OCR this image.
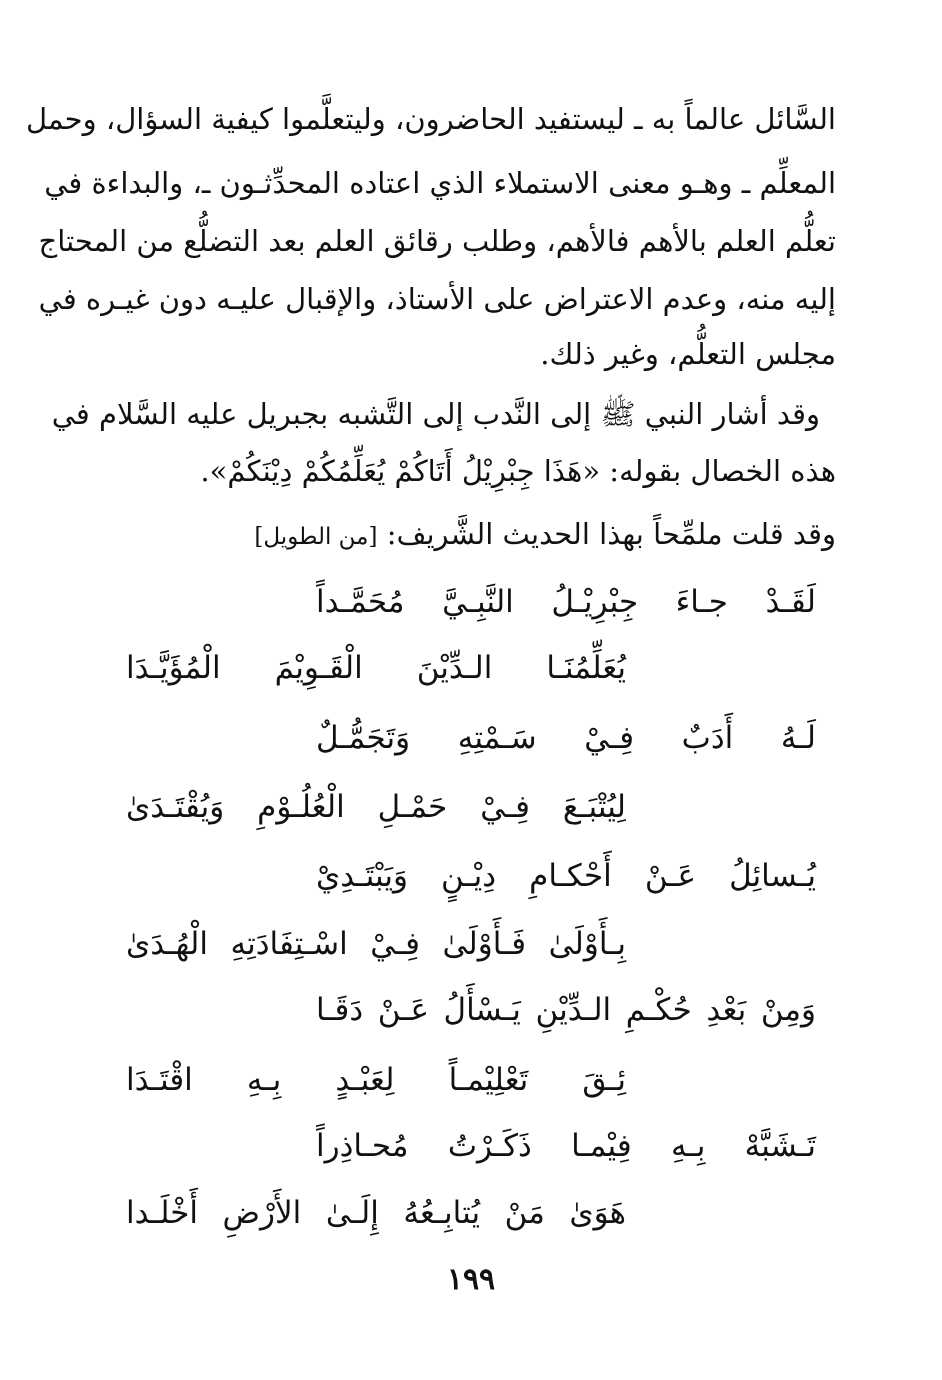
السَّائل عالماً به ـ ليستفيد الحاضرون، وليتعلَّموا كيفية السؤال، وحمل
المعلِّم ـ وهـو معنى الاستملاء الذي اعتاده المحدِّثـون ـ، والبداءة في
تعلُّم العلم بالأهم فالأهم، وطلب رقائق العلم بعد التضلُّع من المحتاج
إليه منه، وعدم الاعتراض على الأستاذ، والإقبال عليـه دون غيـره في
مجلس التعلُّم، وغير ذلك.
وقد أشار النبي ﷺ إلى النَّدب إلى التَّشبه بجبريل عليه السَّلام في
هذه الخصال بقوله: «هَذَا جِبْرِيْلُ أَتَاكُمْ يُعَلِّمُكُمْ دِيْنَكُمْ».
وقد قلت ملمِّحاً بهذا الحديث الشَّريف: [من الطويل]
لَقَـدْ جـاءَ جِبْرِيْـلُ النَّبِـيَّ مُحَمَّـداً
يُعَلِّمُنَـا الـدِّيْنَ الْقَـوِيْمَ الْمُؤَيَّـدَا
لَـهُ أَدَبٌ فِـيْ سَـمْتِهِ وَتَجَمُّـلٌ
لِيُتْبَـعَ فِـيْ حَمْـلِ الْعُلُـوْمِ وَيُقْتَـدَىٰ
يُـسائِلُ عَـنْ أَحْكـامِ دِيْـنٍ وَيَبْتَـدِيْ
بِـأَوْلَىٰ فَـأَوْلَىٰ فِـيْ اسْـتِفَادَتِهِ الْهُـدَىٰ
وَمِنْ بَعْدِ حُكْـمِ الـدِّيْنِ يَـسْأَلُ عَـنْ دَقَـا
ئِـقَ تَعْلِيْمـاً لِعَبْـدٍ بِـهِ اقْتَـدَا
تَـشَبَّهْ بِـهِ فِيْمـا ذَكَـرْتُ مُحـاذِراً
هَوَىٰ مَنْ يُتابِـعُهُ إِلَـىٰ الأَرْضِ أَخْلَـدا
١٩٩
